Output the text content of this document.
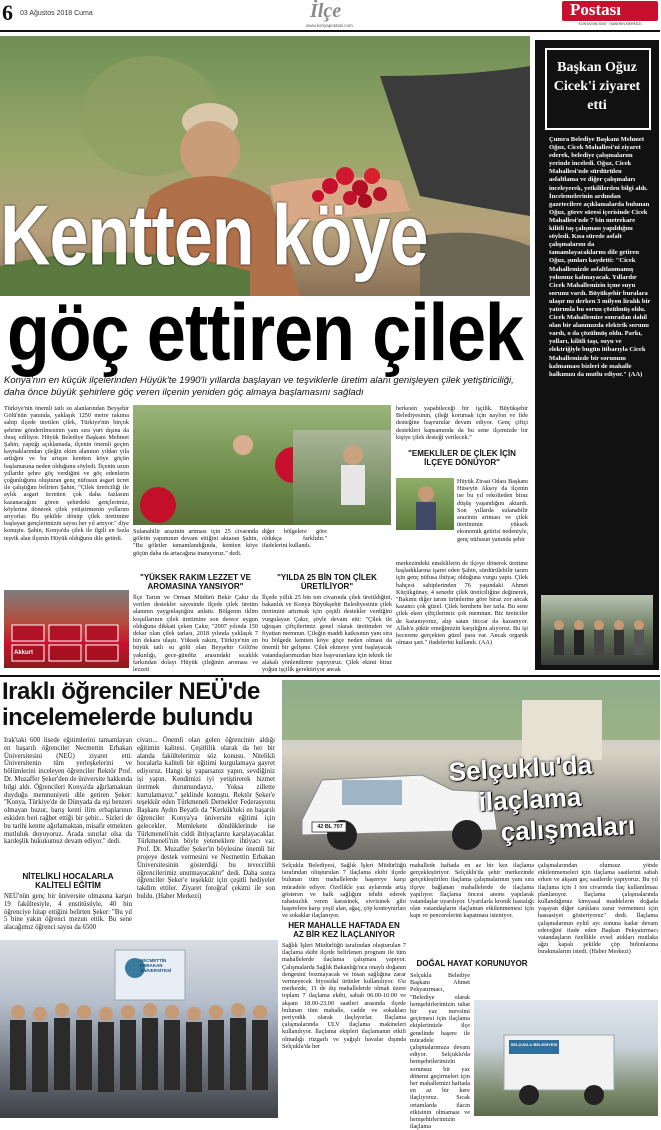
6 03 Ağustos 2018 Cuma	İlçe
www.konyapostasi.com
Postası
KONYA'NIN SESİ · HABERİN MERKEZİ
Kentten köye
göç ettiren çilek
Konya'nın en küçük ilçelerinden Hüyük'te 1990'lı yıllarda başlayan ve teşviklerle üretim alanı genişleyen çilek yetiştiriciliği, daha önce büyük şehirlere göç veren ilçenin yeniden göç almaya başlamasını sağladı
Türkiye'nin önemli tatlı su alanlarından Beyşehir Gölü'nün yanında, yaklaşık 1250 metre rakıma sahip ilçede üretilen çilek, Türkiye'nin birçok şehrine gönderilmesinin yanı sıra yurt dışına da ihraç ediliyor. Hüyük Belediye Başkanı Mehmet Şahin, yaptığı açıklamada, ilçenin önemli geçim kaynaklarından çileğin ekim alanının yıldan yıla arttığını ve bu artışın kentten köye göçün başlamasına neden olduğunu söyledi. İlçenin uzun yıllardır şehre göç verdiğini ve göç edenlerin çoğunluğunu oluşturan genç nüfusun asgari ücret ile çalıştığını belirten Şahin, "Çilek üreticiliği ile aylık asgari ücretten çok daha fazlasını kazanacağını gören şehirdeki gençlerimiz, köylerine dönerek çilek yetiştirmenin yollarını arıyorlar. Bu şekilde dönüp çilek üretimine başlayan gençlerimizin sayısı her yıl artıyor." diye konuştu. Şahin, Konya'da çilek ile ilgili en fazla teşvik alan ilçenin Hüyük olduğunu dile getirdi.
Sulanabilir arazinin artması için 25 civarında göletin yapımının devam ettiğini aktaran Şahin, "Bu göletler tamamlandığında, kentten köye göçün daha da artacağına inanıyoruz." dedi.
diğer bölgelere göre oldukça farklıdır." ifadelerini kullandı.
Akkurt
"YÜKSEK RAKIM LEZZET VE AROMASINA YANSIYOR"
İlçe Tarım ve Orman Müdürü Bekir Çakır da verilen destekler sayesinde ilçede çilek üretim alanının yaygınlaştığını anlattı. Bölgenin iklim koşullarının çilek üretimine son derece uygun olduğuna dikkati çeken Çakır, "2007 yılında 150 dekar olan çilek tarlası, 2018 yılında yaklaşık 7 bin dekara ulaştı. Yüksek rakım, Türkiye'nin en büyük tatlı su gölü olan Beyşehir Gölü'ne yakınlığı, gece-gündüz arasındaki sıcaklık farkından dolayı Hüyük çileğinin aroması ve lezzeti
"YILDA 25 BİN TON ÇİLEK ÜRETİLİYOR"
İlçede yıllık 25 bin ton civarında çilek üretildiğini, bakanlık ve Konya Büyükşehir Belediyesinin çilek üretimini artırmak için çeşitli destekler verdiğini vurgulayan Çakır, şöyle devam etti: "Çilek ile uğraşan çiftçilerimiz genel olarak üretimden ve fiyattan memnun. Çileğin maddi katkısının yanı sıra bu bölgede kentten köye göçe neden olması da önemli bir gelişme. Çilek ekmeye yeni başlayacak vatandaşlarımızdan bize başvuranlara için teknik ile alakalı yönlendirme yapıyoruz. Çilek ekimi biraz yoğun işçilik gerektiriyor ancak
herkesin yapabileceği bir işçilik. Büyükşehir Belediyesinin, çileği korumak için naylon ve fide desteğine başvurular devam ediyor. Genç çiftçi destekleri kapsamında da bu sene ilçemizde bir kişiye çilek desteği verilecek."
"EMEKLİLER DE ÇİLEK İÇİN İLÇEYE DÖNÜYOR"
Hüyük Ziraat Odası Başkanı Hüseyin Aksoy da ilçenin ise bu yıl rekolteden biraz düşüş yaşandığını aktardı. Son yıllarda sulanabilir arazinin artması ve çilek üretiminin yüksek ekonomik getirisi nedeniyle, genç nüfusun yanında şehir
merkezindeki emeklilerin de ilçeye dönerek üretime başladıklarına işaret eden Şahin, sürdürülebilir tarım için genç nüfusa ihtiyaç olduğuna vurgu yaptı. Çilek bahçesi sahiplerinden 76 yaşındaki Ahmet Küçükgünay, 4 senedir çilek üreticiliğine değinerek, "Bakımı diğer tarım ürünlerine göre biraz zor ancak kazancı çok güzel. Çilek hemhem her tarla. Bu sene çilek eken çiftçilerimiz çok memnun. Biz üreticiler de kazanıyoruz, alıp satan tüccar da kazanıyor. Allah'a şükür emeğimizin karşılığını alıyoruz. Bu işi becerene gerçekten güzel para var. Ancak organik olması şart." ifadelerini kullandı. (AA)
Başkan Oğuz Cicek'i ziyaret etti
Çumra Belediye Başkanı Mehmet Oğuz, Cicek Mahallesi'ni ziyaret ederek, belediye çalışmalarını yerinde inceledi. Oğuz, Cicek Mahallesi'nde sürdürülen asfaltlama ve diğer çalışmaları inceleyerek, yetkililerden bilgi aldı. İncelemelerinin ardından gazetecilere açıklamalarda bulunan Oğuz, görev süresi içerisinde Cicek Mahallesi'nde 7 bin metrekare kilitli taş çalışması yapıldığını söyledi. Kısa sürede asfalt çalışmalarını da tamamlayacaklarını dile getiren Oğuz, şunları kaydetti: "Cicek Mahallemizde asfaltlanmamış yolumuz kalmayacak. Yıllardır Cicek Mahallemizin içme suyu sorunu vardı. Büyükşehir buralara ulaşır mı derken 3 milyon liralık bir yatırımla bu sorun çözülmüş oldu. Cicek Mahallemize sonradan dahil olan bir alanımızda elektrik sorunu vardı, o da çözülmüş oldu. Parkı, yolları, kilitli taşı, suyu ve elektriğiyle bugün itibarıyla Cicek Mahallemizde bir sorunum kalmaması bizleri de mahalle halkımızı da mutlu ediyor." (AA)
Iraklı öğrenciler NEÜ'de
incelemelerde bulundu
Irak'taki 600 lisede eğitimlerini tamamlayan en başarılı öğrenciler Necmettin Erbakan Üniversitesini (NEÜ) ziyaret etti. Üniversitenin tüm yerleşkelerini ve bölümlerini inceleyen öğrenciler Rektör Prof. Dr. Muzaffer Şeker'den de üniversite hakkında bilgi aldı. Öğrencileri Konya'da ağırlamaktan duyduğu memnuniyeti dile getiren Şeker: "Konya, Türkiye'de de Dünyada da eşi benzeri olmayan huzur, barış kenti ilim erbaplarının eskiden beri rağbet ettiği bir şehir... Sizleri de bu tarihi kentte ağırlamaktan, misafir etmekten mutluluk duyuyoruz. Arada sınırlar olsa da kardeşlik hukukumuz devam ediyor." dedi.
NİTELİKLİ HOCALARLA KALİTELİ EĞİTİM
NEÜ'nün genç bir üniversite olmasına karşın 19 fakültesiyle, 4 enstitüsüyle, 40 bin öğrenciye hitap ettiğini belirten Şeker: "Bu yıl 5 bine yakın öğrenci mezun ettik. Bu sene alacağımız öğrenci sayısı da 6500
civarı... Önemli olan gelen öğrencinin aldığı eğitimin kalitesi. Çeşitlilik olarak da her bir alanda fakültelerimiz söz konusu. Nitelikli hocalarla kaliteli bir eğitimi kurgulamaya gayret ediyoruz. Hangi işi yaparsanız yapın, sevdiğiniz işi yapın. Kendimizi iyi yetiştirerek hizmet üretmek durumundayız. Yoksa zillette kurtulamayız." şeklinde konuştu. Rektör Şeker'e teşekkür eden Türkmeneli Dernekler Federasyonu Başkanı Aydın Beyatlı da "Kerkük'teki en başarılı öğrenciler Konya'ya üniversite eğitimi için gelecekler. Memlekete döndüklerinde ise Türkmeneli'nin ciddi ihtiyaçlarını karşılayacaklar. Türkmeneli'nin böyle yeteneklere ihtiyacı var. Prof. Dr. Muzaffer Şeker'in böylesine önemli bir projeye destek vermesini ve Necmettin Erbakan Üniversitesinin gösterdiği bu teveccühü öğrencilerimiz unutmayacaktır" dedi. Daha sonra öğrenciler Şeker'e teşekkür için çeşitli hediyeler takdim ettiler. Ziyaret fotoğraf çekimi ile son buldu. (Haber Merkezi)
NECMETTİN ERBAKAN ÜNİVERSİTESİ
42 BL 707
Selçuklu'da
ilaçlama
çalışmaları
Selçuklu Belediyesi, Sağlık İşleri Müdürlüğü tarafından oluşturulan 7 ilaçlama ekibi ilçede bulunan tüm mahallelerde haşereye karşı mücadele ediyor. Özellikle yaz aylarında artış gösteren ve halk sağlığını tehdit ederek rahatsızlık veren karasinek, sivrisinek gibi haşerelere karşı yeşil alan, ağaç, çöp konteynırları ve sokaklar ilaçlanıyor.
HER MAHALLE HAFTADA EN AZ BİR KEZ İLAÇLANIYOR
Sağlık İşleri Müdürlüğü tarafından oluşturulan 7 ilaçlama ekibi ilçede belirlenen program ile tüm mahallelerde ilaçlama çalışması yapıyor. Çalışmalarda Sağlık Bakanlığı'nca onaylı doğanın dengesini bozmayacak ve insan sağlığına zarar vermeyecek biyosidal ürünler kullanılıyor. 6'sı merkezde, 1'i de dış mahallelerde olmak üzere toplam 7 ilaçlama ekibi, sabah 06.00-10.00 ve akşam 18.00-23.00 saatleri arasında ilçede bulunan tüm mahalle, cadde ve sokakları periyodik olarak ilaçlıyorlar. İlaçlama çalışmalarında ULV ilaçlama makineleri kullanılıyor. İlaçlama ekipleri ilaçlamanın etkili olmadığı rüzgarlı ve yağışlı havalar dışında Selçuklu'da her
mahallede haftada en az bir kez ilaçlama gerçekleştiriyor. Selçuklu'da şehir merkezinde gerçekleştirilen ilaçlama çalışmalarının yanı sıra ilçeye bağlanan mahallelerde de ilaçlama yapılıyor. İlaçlama öncesi anons yapılarak vatandaşlar uyarılıyor. Uyarılarla kronik hastalığı olan vatandaşların ilaçlaman etkilenmemesi için kapı ve pencerelerini kapatması isteniyor.
DOĞAL HAYAT KORUNUYOR
Selçuklu Belediye Başkanı Ahmet Pekyatırmacı, "Belediye olarak hemşehirlerimizin rahat bir yaz mevsimi geçirmesi için ilaçlama ekiplerimizle ilçe genelinde haşere ile mücadele çalışmalarımıza devam ediyor. Selçuklu'da hemşehrilerimizin sorunsuz bir yaz dönemi geçirmeleri için her mahallemizi haftada en az bir kere ilaçlıyoruz. Sıcak ortamlarda ilacın etkisinin olmaması ve hemşehirlerimizin ilaçlama
SELÇUKLU BELEDİYESİ
çalışmalarından olumsuz yönde etkilenmemeleri için ilaçlama saatlerini sabah erken ve akşam geç saatlerde yapıyoruz. Bu yıl ilaçlama için 1 ton civarında ilaç kullanılması planlanıyor. İlaçlama çalışmalarında kullandığımız kimyasal maddelerin doğada yaşayan diğer canlılara zarar vermemesi için hassasiyet gösteriyoruz" dedi. İlaçlama çalışmalarının eylül ayı sonuna kadar devam edeceğini ifade eden Başkan Pekyatırmacı vatandaşların özellikle evsel atıkları mutlaka ağzı kapalı şekilde çöp bidonlarına bırakmalarını istedi. (Haber Merkezi)
